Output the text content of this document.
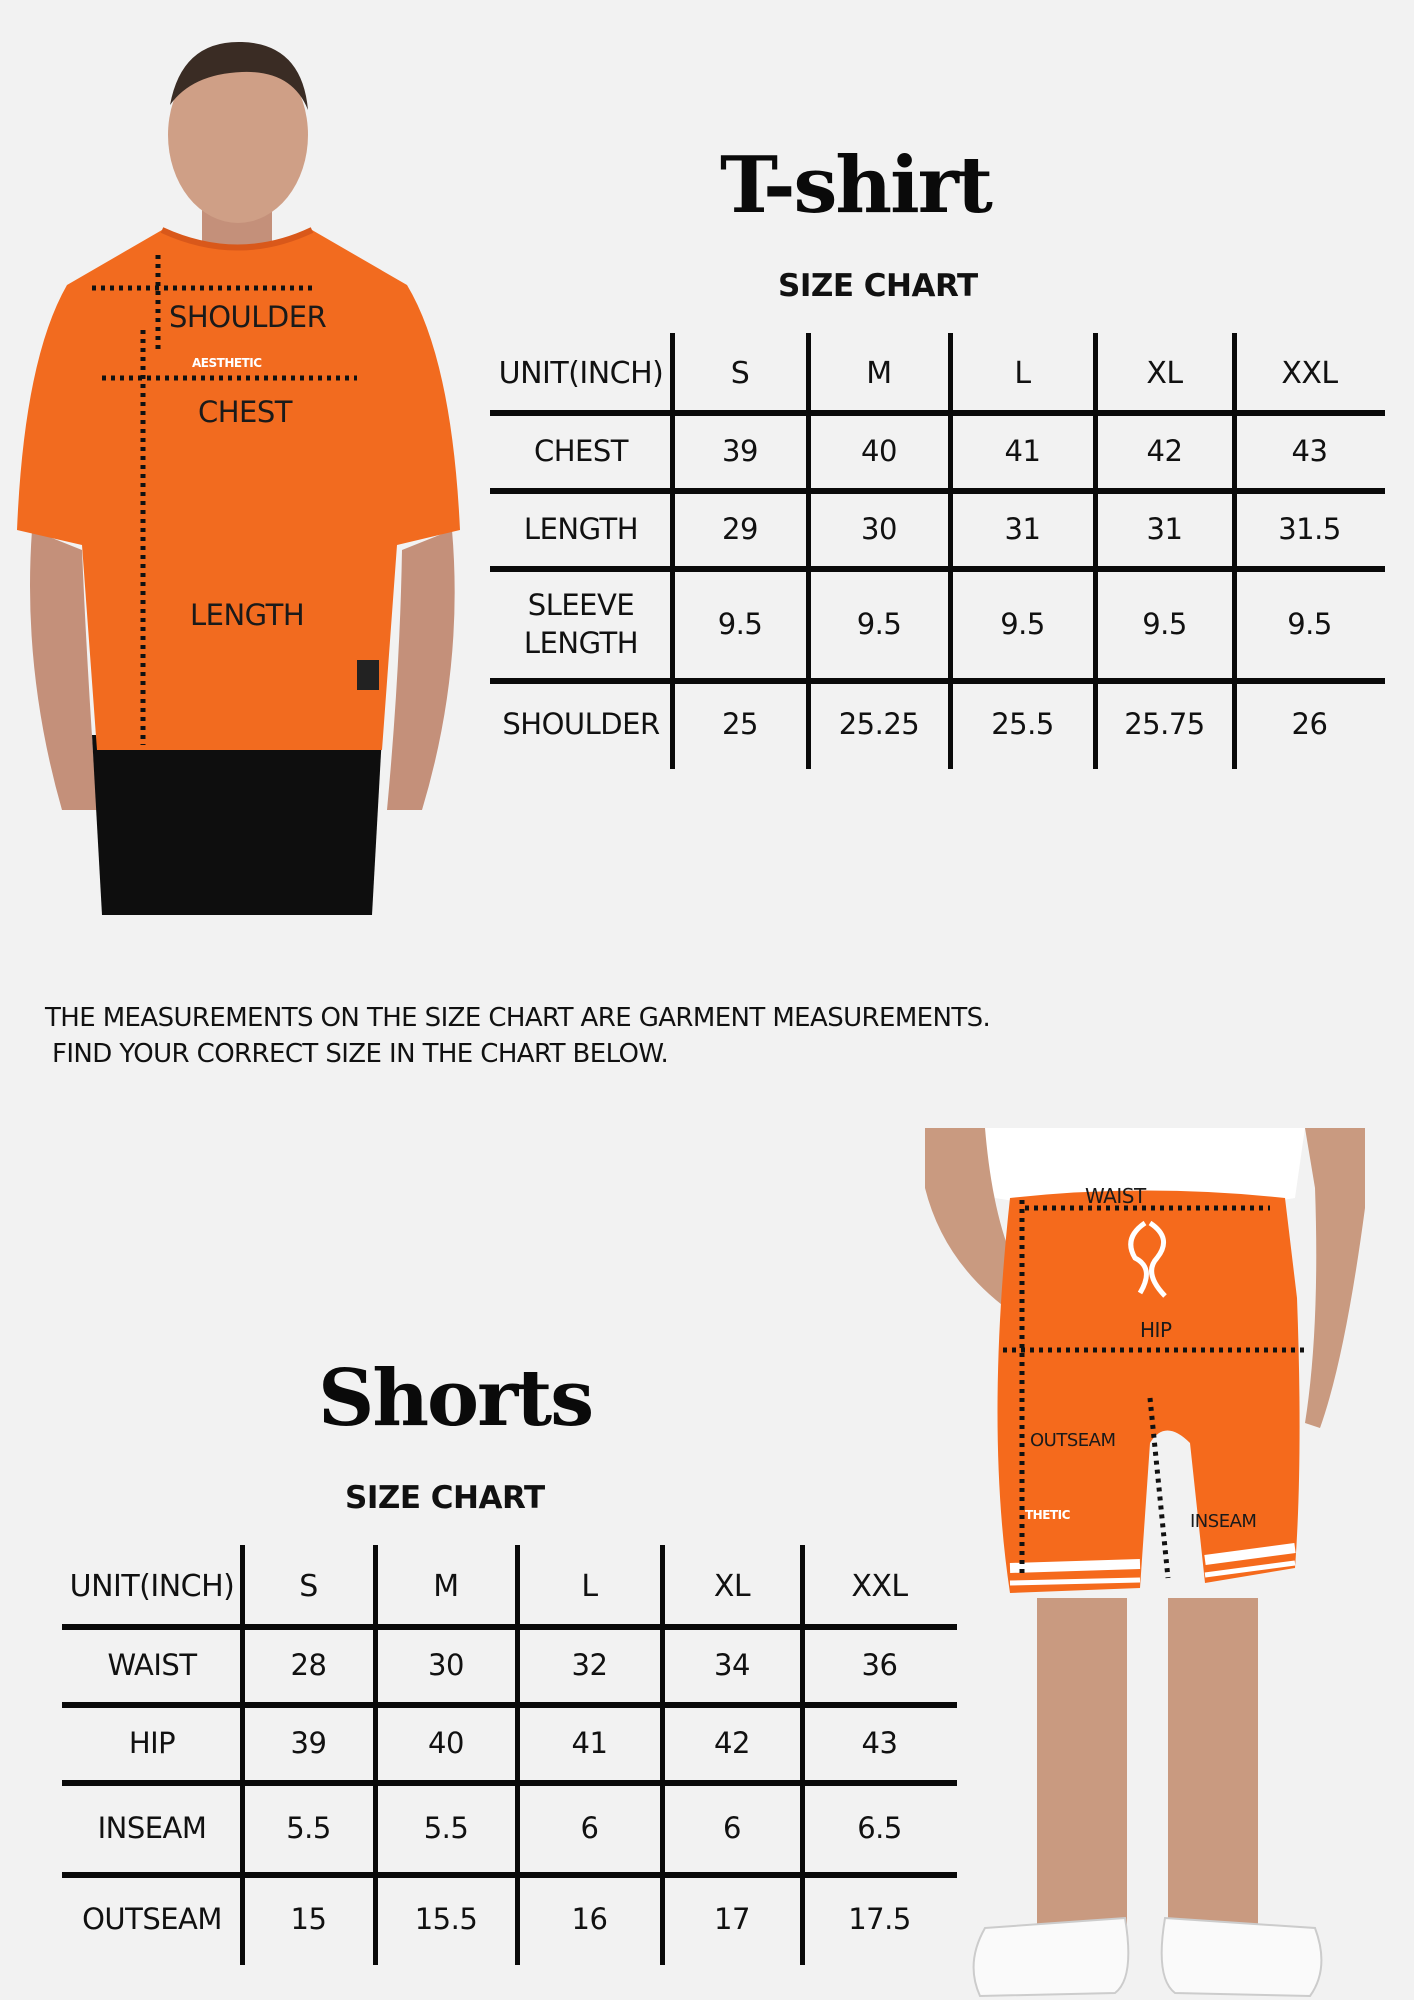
SHOULDER
AESTHETIC
CHEST
LENGTH
T-shirt
SIZE CHART
UNIT(INCH)	S	M	L	XL	XXL
CHEST	39	40	41	42	43
LENGTH	29	30	31	31	31.5
SLEEVE
LENGTH
9.5	9.5	9.5	9.5	9.5
SHOULDER	25	25.25	25.5	25.75	26
THE MEASUREMENTS ON THE SIZE CHART ARE GARMENT MEASUREMENTS.
FIND YOUR CORRECT SIZE IN THE CHART BELOW.
WAIST
HIP
OUTSEAM
THETIC	INSEAM
Shorts
SIZE CHART
UNIT(INCH)	S	M	L	XL	XXL
WAIST	28	30	32	34	36
HIP	39	40	41	42	43
INSEAM	5.5	5.5	6	6	6.5
OUTSEAM	15	15.5	16	17	17.5
